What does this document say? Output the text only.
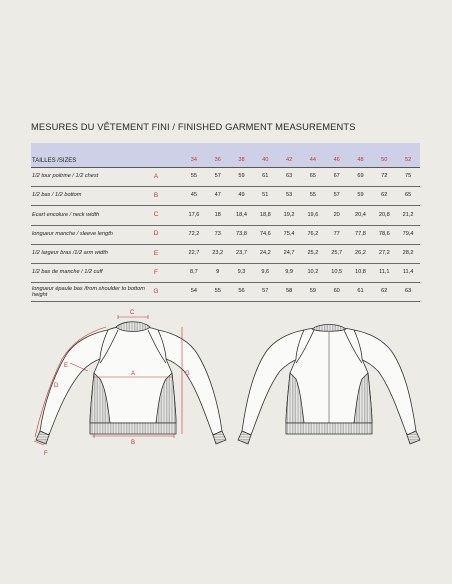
MESURES DU VÊTEMENT FINI / FINISHED GARMENT MEASUREMENTS
TAILLES /SIZES			34	36	38	40	42	44	46	48	50	52
1/2 tour poitrine / 1/2 chest	A		55	57	59	61	63	65	67	69	72	75
1/2 bas / 1/2 bottom	B		45	47	49	51	53	55	57	59	62	65
Ecart encolure / neck width	C		17,6	18	18,4	18,8	19,2	19,6	20	20,4	20,8	21,2
longueur manche / sleeve length	D		72,2	73	73,8	74,6	75,4	76,2	77	77,8	78,6	79,4
1/2 largeur bras /1/2 arm width	E		22,7	23,2	23,7	24,2	24,7	25,2	25,7	26,2	27,2	28,2
1/2 bas de manche / 1/2 cuff	F		8,7	9	9,3	9,6	9,9	10,2	10,5	10,8	11,1	11,4
longueur épaule bas /from shoulder to bottom height	G		54	55	56	57	58	59	60	61	62	63
C
A
B
G
D
E
F
